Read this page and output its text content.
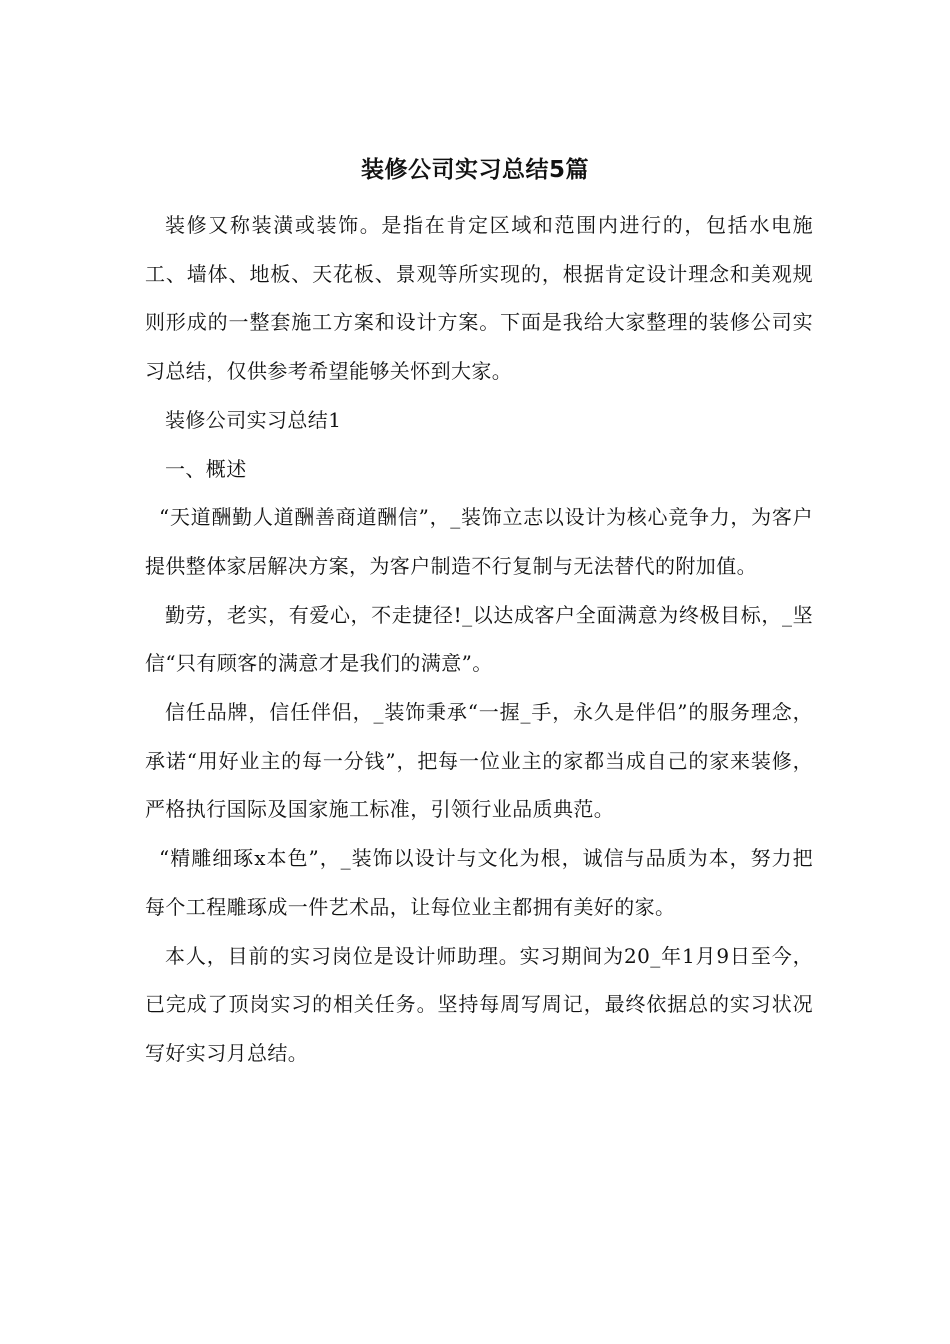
装修公司实习总结5篇

装修又称装潢或装饰。是指在肯定区域和范围内进行的，包括水电施工、墙体、地板、天花板、景观等所实现的，根据肯定设计理念和美观规则形成的一整套施工方案和设计方案。下面是我给大家整理的装修公司实习总结，仅供参考希望能够关怀到大家。

装修公司实习总结1

一、概述

“天道酬勤人道酬善商道酬信”，_装饰立志以设计为核心竞争力，为客户提供整体家居解决方案，为客户制造不行复制与无法替代的附加值。

勤劳，老实，有爱心，不走捷径!_以达成客户全面满意为终极目标，_坚信“只有顾客的满意才是我们的满意”。

信任品牌，信任伴侣，_装饰秉承“一握_手，永久是伴侣”的服务理念，承诺“用好业主的每一分钱”，把每一位业主的家都当成自己的家来装修，严格执行国际及国家施工标准，引领行业品质典范。

“精雕细琢x本色”，_装饰以设计与文化为根，诚信与品质为本，努力把每个工程雕琢成一件艺术品，让每位业主都拥有美好的家。

本人，目前的实习岗位是设计师助理。实习期间为20_年1月9日至今，已完成了顶岗实习的相关任务。坚持每周写周记，最终依据总的实习状况写好实习月总结。
